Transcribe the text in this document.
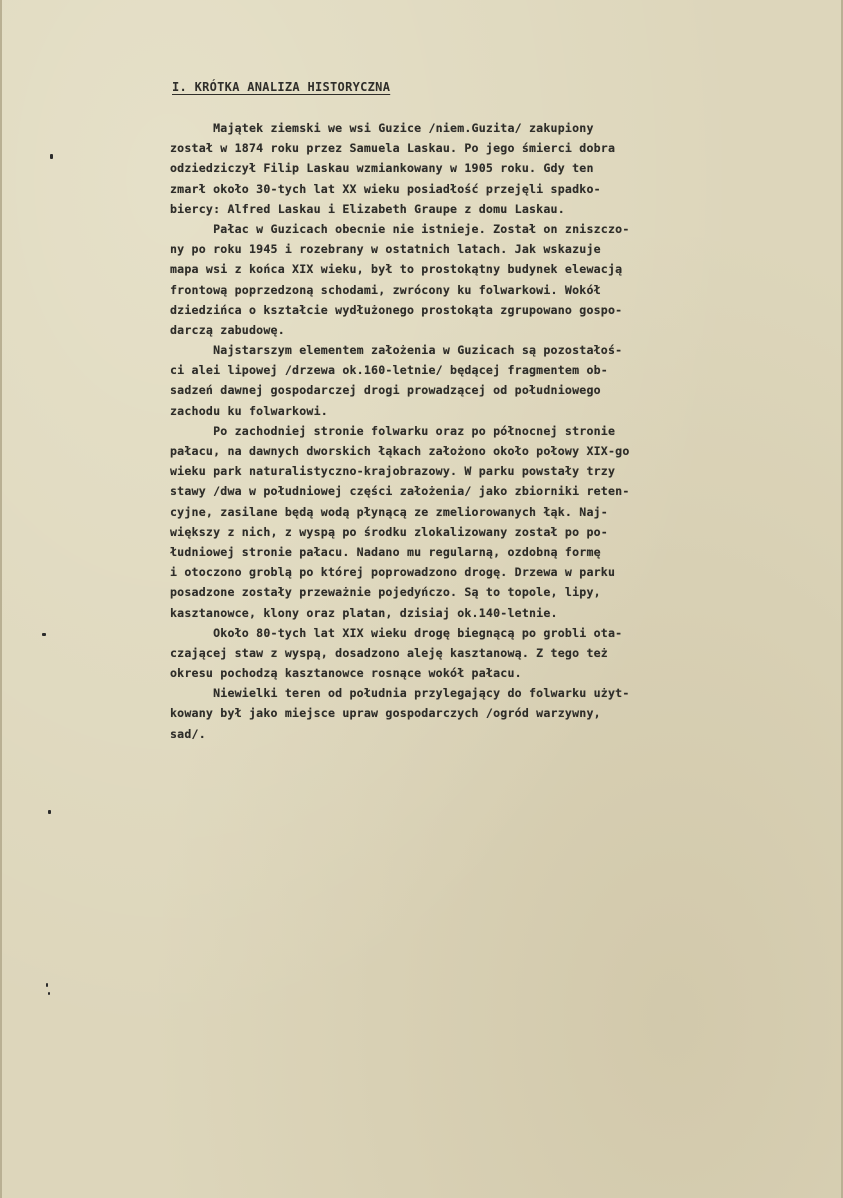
I. KRÓTKA ANALIZA HISTORYCZNA
Majątek ziemski we wsi Guzice /niem.Guzita/ zakupiony
został w 1874 roku przez Samuela Laskau. Po jego śmierci dobra
odziedziczył Filip Laskau wzmiankowany w 1905 roku. Gdy ten
zmarł około 30-tych lat XX wieku posiadłość przejęli spadko-
biercy: Alfred Laskau i Elizabeth Graupe z domu Laskau.
Pałac w Guzicach obecnie nie istnieje. Został on zniszczo-
ny po roku 1945 i rozebrany w ostatnich latach. Jak wskazuje
mapa wsi z końca XIX wieku, był to prostokątny budynek elewacją
frontową poprzedzoną schodami, zwrócony ku folwarkowi. Wokół
dziedzińca o kształcie wydłużonego prostokąta zgrupowano gospo-
darczą zabudowę.
Najstarszym elementem założenia w Guzicach są pozostałoś-
ci alei lipowej /drzewa ok.160-letnie/ będącej fragmentem ob-
sadzeń dawnej gospodarczej drogi prowadzącej od południowego
zachodu ku folwarkowi.
Po zachodniej stronie folwarku oraz po północnej stronie
pałacu, na dawnych dworskich łąkach założono około połowy XIX-go
wieku park naturalistyczno-krajobrazowy. W parku powstały trzy
stawy /dwa w południowej części założenia/ jako zbiorniki reten-
cyjne, zasilane będą wodą płynącą ze zmeliorowanych łąk. Naj-
większy z nich, z wyspą po środku zlokalizowany został po po-
łudniowej stronie pałacu. Nadano mu regularną, ozdobną formę
i otoczono groblą po której poprowadzono drogę. Drzewa w parku
posadzone zostały przeważnie pojedyńczo. Są to topole, lipy,
kasztanowce, klony oraz platan, dzisiaj ok.140-letnie.
Około 80-tych lat XIX wieku drogę biegnącą po grobli ota-
czającej staw z wyspą, dosadzono aleję kasztanową. Z tego też
okresu pochodzą kasztanowce rosnące wokół pałacu.
Niewielki teren od południa przylegający do folwarku użyt-
kowany był jako miejsce upraw gospodarczych /ogród warzywny,
sad/.
